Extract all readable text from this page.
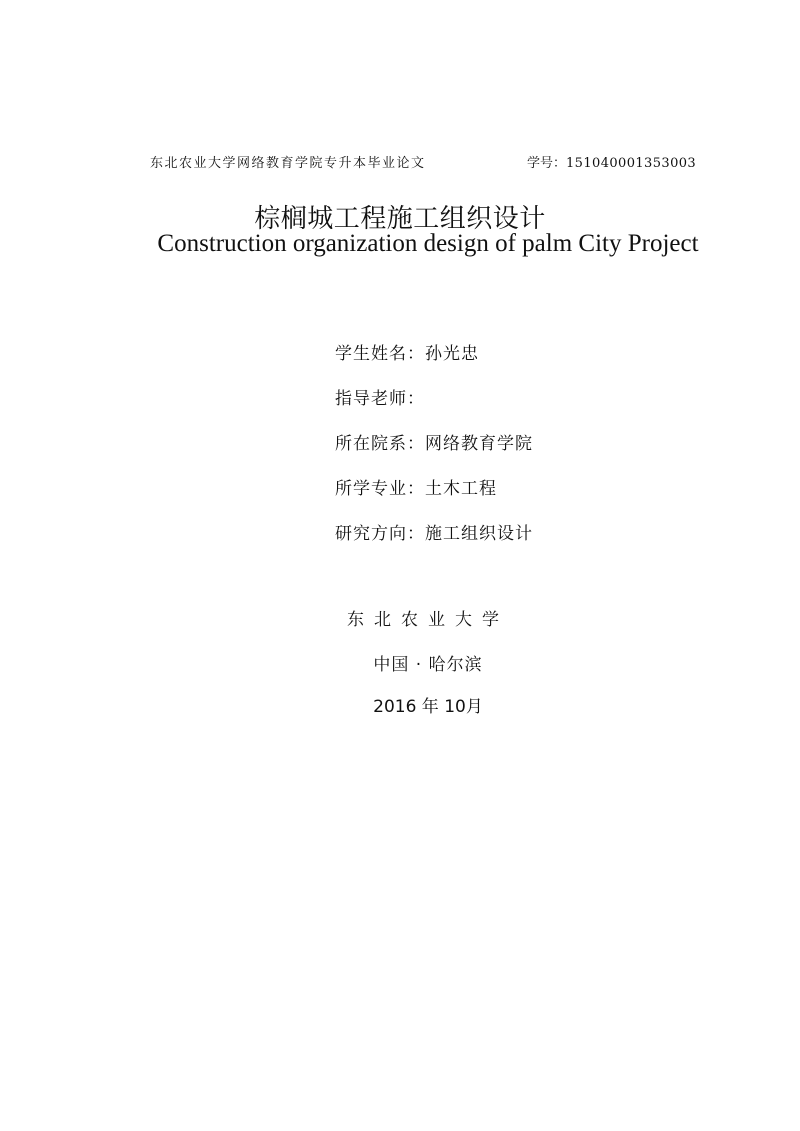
东北农业大学网络教育学院专升本毕业论文	学号：151040001353003
棕榈城工程施工组织设计
Construction organization design of palm City Project
学生姓名：孙光忠
指导老师：
所在院系：网络教育学院
所学专业：土木工程
研究方向：施工组织设计
东北农业大学
中国 · 哈尔滨
2016 年 10月
